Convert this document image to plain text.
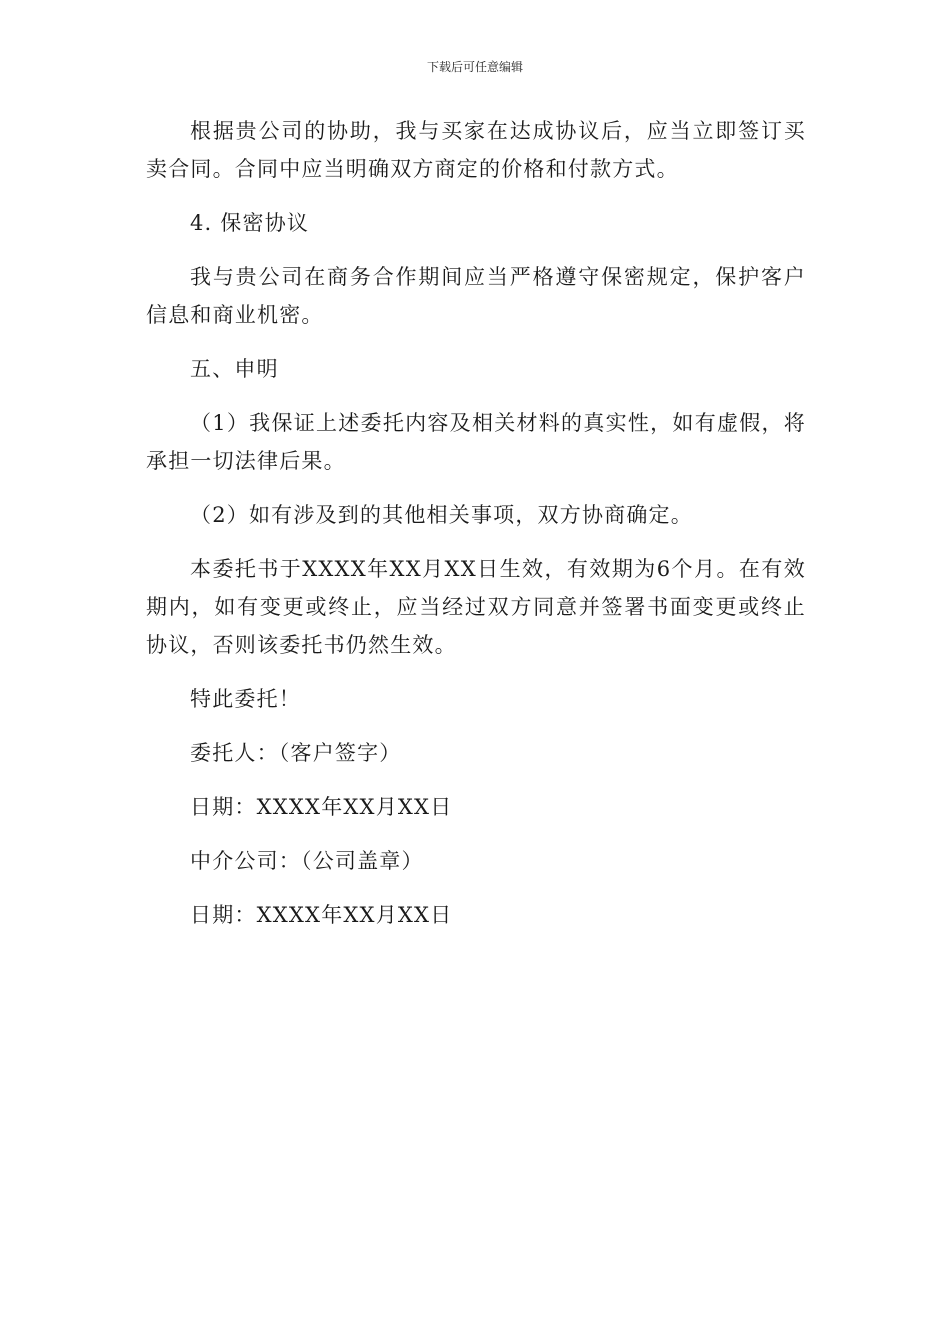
下载后可任意编辑

根据贵公司的协助，我与买家在达成协议后，应当立即签订买卖合同。合同中应当明确双方商定的价格和付款方式。

4. 保密协议

我与贵公司在商务合作期间应当严格遵守保密规定，保护客户信息和商业机密。

五、申明

（1）我保证上述委托内容及相关材料的真实性，如有虚假，将承担一切法律后果。

（2）如有涉及到的其他相关事项，双方协商确定。

本委托书于XXXX年XX月XX日生效，有效期为6个月。在有效期内，如有变更或终止，应当经过双方同意并签署书面变更或终止协议，否则该委托书仍然生效。

特此委托！

委托人：（客户签字）

日期：XXXX年XX月XX日

中介公司：（公司盖章）

日期：XXXX年XX月XX日
